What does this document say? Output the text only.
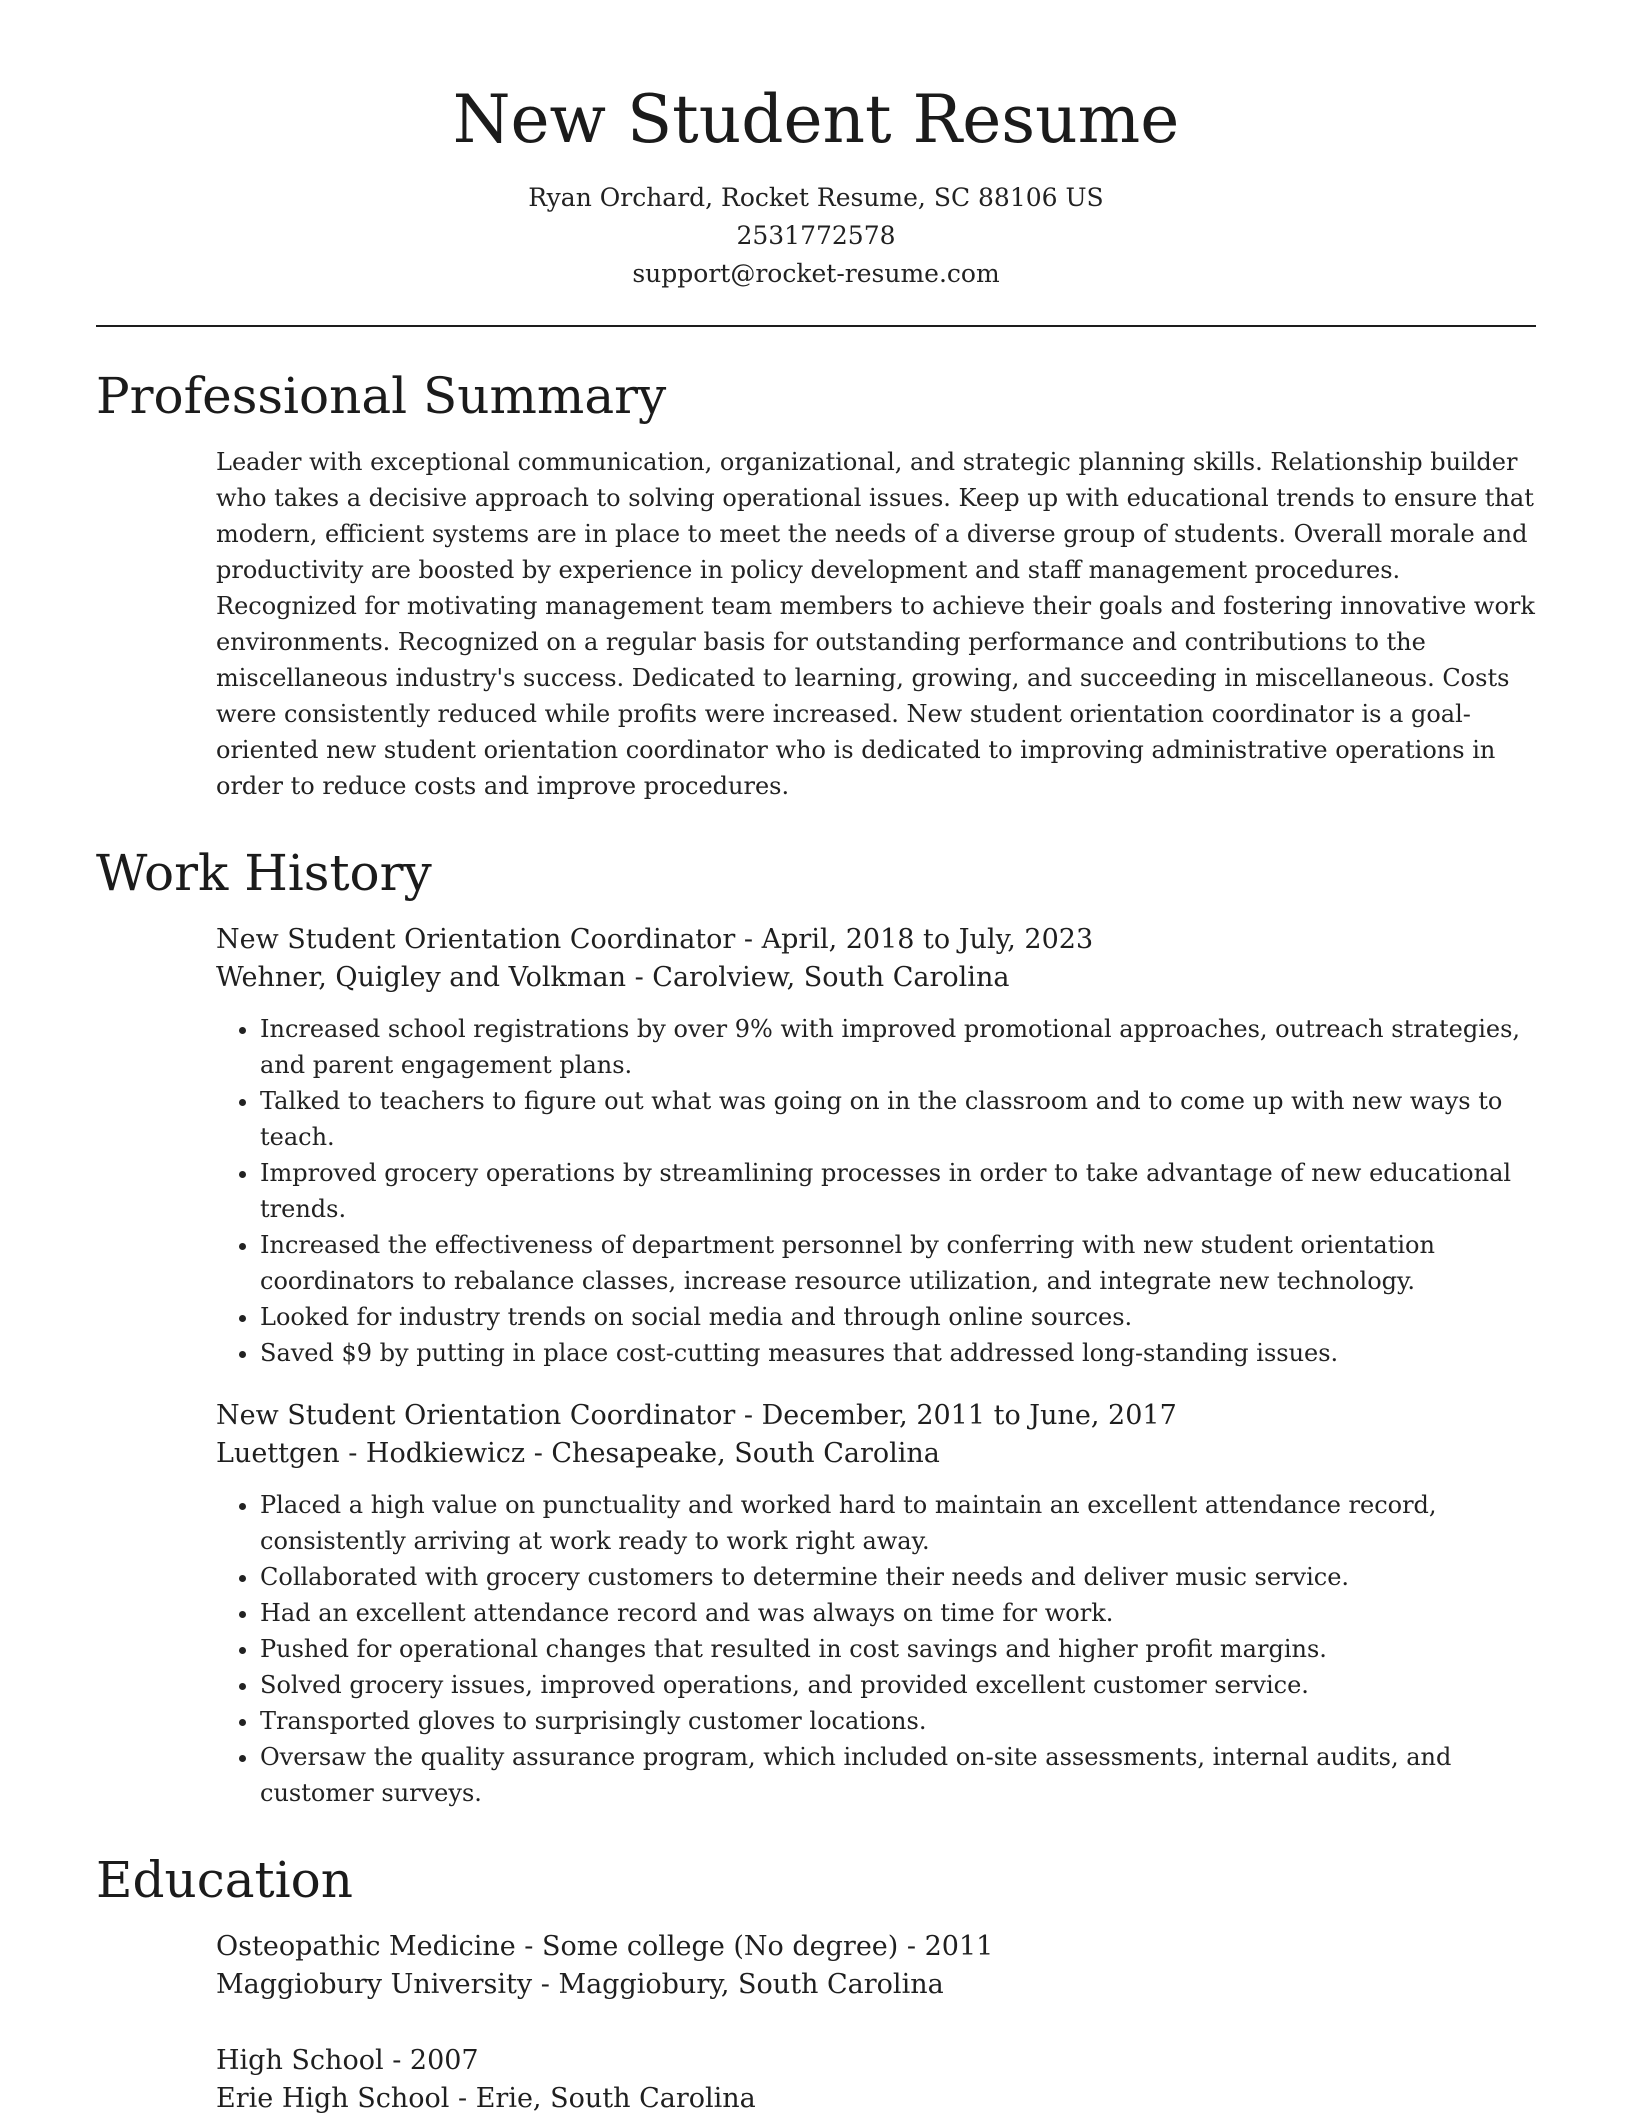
New Student Resume
Ryan Orchard, Rocket Resume, SC 88106 US
2531772578
support@rocket-resume.com
Professional Summary

Leader with exceptional communication, organizational, and strategic planning skills. Relationship builder who takes a decisive approach to solving operational issues. Keep up with educational trends to ensure that modern, efficient systems are in place to meet the needs of a diverse group of students. Overall morale and productivity are boosted by experience in policy development and staff management procedures. Recognized for motivating management team members to achieve their goals and fostering innovative work environments. Recognized on a regular basis for outstanding performance and contributions to the miscellaneous industry's success. Dedicated to learning, growing, and succeeding in miscellaneous. Costs were consistently reduced while profits were increased. New student orientation coordinator is a goal-oriented new student orientation coordinator who is dedicated to improving administrative operations in order to reduce costs and improve procedures.

Work History
New Student Orientation Coordinator - April, 2018 to July, 2023
Wehner, Quigley and Volkman - Carolview, South Carolina
• Increased school registrations by over 9% with improved promotional approaches, outreach strategies, and parent engagement plans.
• Talked to teachers to figure out what was going on in the classroom and to come up with new ways to teach.
• Improved grocery operations by streamlining processes in order to take advantage of new educational trends.
• Increased the effectiveness of department personnel by conferring with new student orientation coordinators to rebalance classes, increase resource utilization, and integrate new technology.
• Looked for industry trends on social media and through online sources.
• Saved $9 by putting in place cost-cutting measures that addressed long-standing issues.
New Student Orientation Coordinator - December, 2011 to June, 2017
Luettgen - Hodkiewicz - Chesapeake, South Carolina
• Placed a high value on punctuality and worked hard to maintain an excellent attendance record, consistently arriving at work ready to work right away.
• Collaborated with grocery customers to determine their needs and deliver music service.
• Had an excellent attendance record and was always on time for work.
• Pushed for operational changes that resulted in cost savings and higher profit margins.
• Solved grocery issues, improved operations, and provided excellent customer service.
• Transported gloves to surprisingly customer locations.
• Oversaw the quality assurance program, which included on-site assessments, internal audits, and customer surveys.
Education
Osteopathic Medicine - Some college (No degree) - 2011
Maggiobury University - Maggiobury, South Carolina
High School - 2007
Erie High School - Erie, South Carolina
